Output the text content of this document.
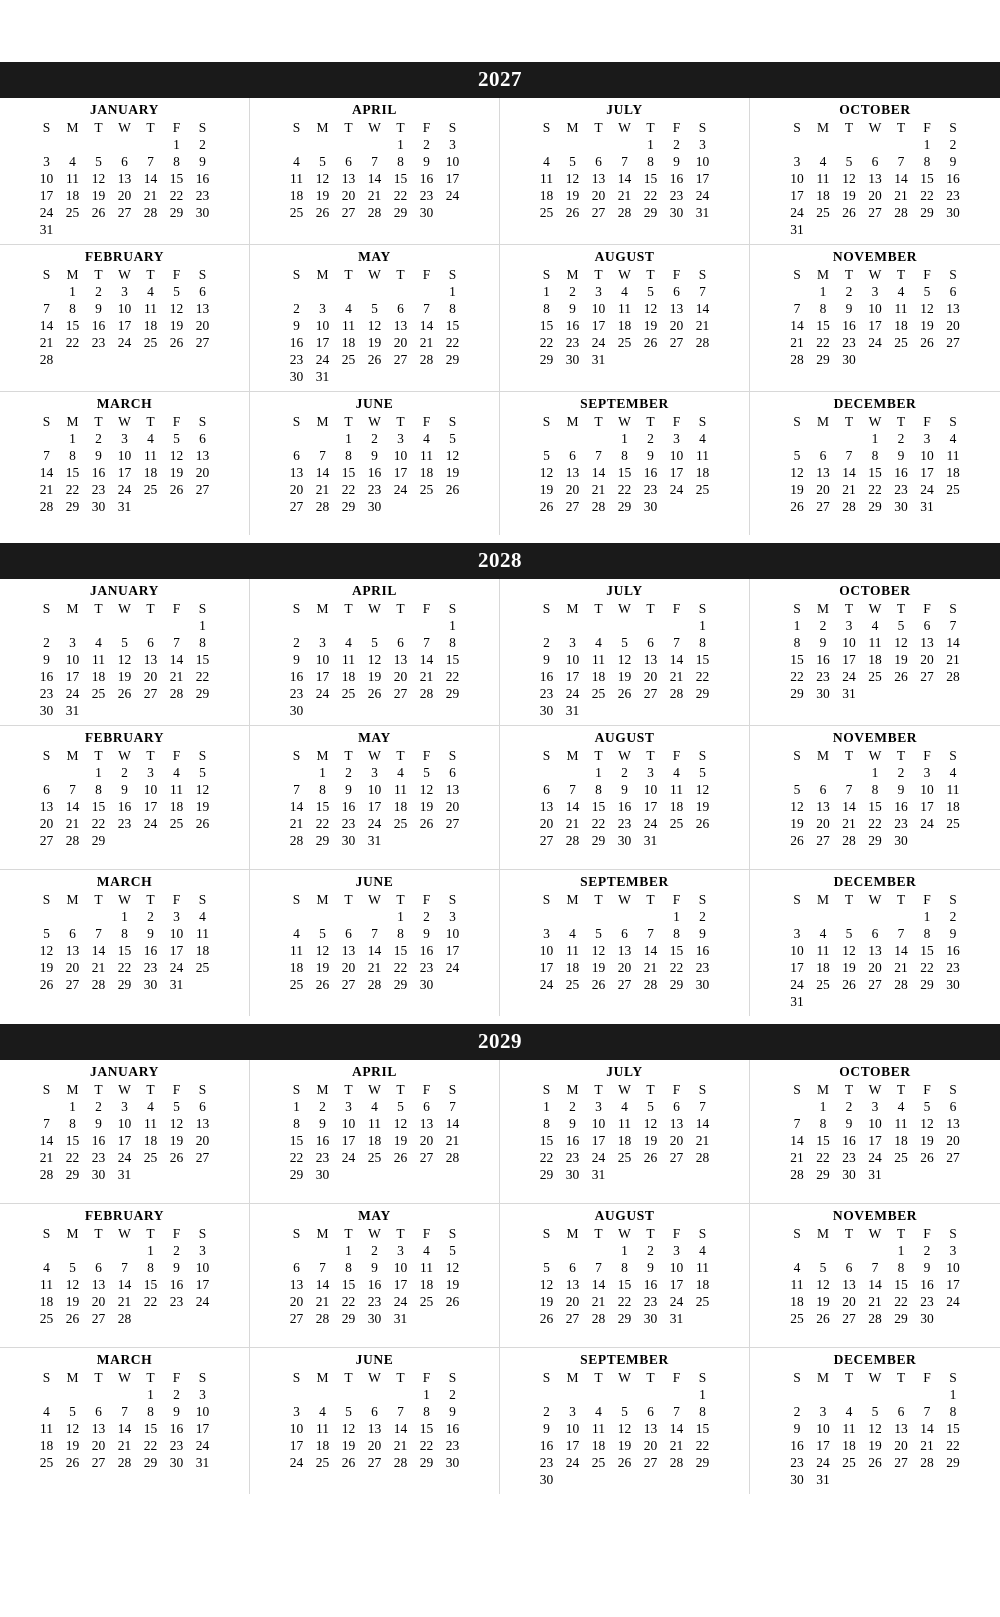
2027
JANUARY
S	M	T	W	T	F	S
					1	2
3	4	5	6	7	8	9
10	11	12	13	14	15	16
17	18	19	20	21	22	23
24	25	26	27	28	29	30
31						
APRIL
S	M	T	W	T	F	S
				1	2	3
4	5	6	7	8	9	10
11	12	13	14	15	16	17
18	19	20	21	22	23	24
25	26	27	28	29	30	
JULY
S	M	T	W	T	F	S
				1	2	3
4	5	6	7	8	9	10
11	12	13	14	15	16	17
18	19	20	21	22	23	24
25	26	27	28	29	30	31
OCTOBER
S	M	T	W	T	F	S
					1	2
3	4	5	6	7	8	9
10	11	12	13	14	15	16
17	18	19	20	21	22	23
24	25	26	27	28	29	30
31						
FEBRUARY
S	M	T	W	T	F	S
	1	2	3	4	5	6
7	8	9	10	11	12	13
14	15	16	17	18	19	20
21	22	23	24	25	26	27
28						
MAY
S	M	T	W	T	F	S
						1
2	3	4	5	6	7	8
9	10	11	12	13	14	15
16	17	18	19	20	21	22
23	24	25	26	27	28	29
30	31					
AUGUST
S	M	T	W	T	F	S
1	2	3	4	5	6	7
8	9	10	11	12	13	14
15	16	17	18	19	20	21
22	23	24	25	26	27	28
29	30	31				
NOVEMBER
S	M	T	W	T	F	S
	1	2	3	4	5	6
7	8	9	10	11	12	13
14	15	16	17	18	19	20
21	22	23	24	25	26	27
28	29	30				
MARCH
S	M	T	W	T	F	S
	1	2	3	4	5	6
7	8	9	10	11	12	13
14	15	16	17	18	19	20
21	22	23	24	25	26	27
28	29	30	31			
JUNE
S	M	T	W	T	F	S
		1	2	3	4	5
6	7	8	9	10	11	12
13	14	15	16	17	18	19
20	21	22	23	24	25	26
27	28	29	30			
SEPTEMBER
S	M	T	W	T	F	S
			1	2	3	4
5	6	7	8	9	10	11
12	13	14	15	16	17	18
19	20	21	22	23	24	25
26	27	28	29	30		
DECEMBER
S	M	T	W	T	F	S
			1	2	3	4
5	6	7	8	9	10	11
12	13	14	15	16	17	18
19	20	21	22	23	24	25
26	27	28	29	30	31	
2028
JANUARY
S	M	T	W	T	F	S
						1
2	3	4	5	6	7	8
9	10	11	12	13	14	15
16	17	18	19	20	21	22
23	24	25	26	27	28	29
30	31					
APRIL
S	M	T	W	T	F	S
						1
2	3	4	5	6	7	8
9	10	11	12	13	14	15
16	17	18	19	20	21	22
23	24	25	26	27	28	29
30						
JULY
S	M	T	W	T	F	S
						1
2	3	4	5	6	7	8
9	10	11	12	13	14	15
16	17	18	19	20	21	22
23	24	25	26	27	28	29
30	31					
OCTOBER
S	M	T	W	T	F	S
1	2	3	4	5	6	7
8	9	10	11	12	13	14
15	16	17	18	19	20	21
22	23	24	25	26	27	28
29	30	31				
FEBRUARY
S	M	T	W	T	F	S
		1	2	3	4	5
6	7	8	9	10	11	12
13	14	15	16	17	18	19
20	21	22	23	24	25	26
27	28	29				
MAY
S	M	T	W	T	F	S
	1	2	3	4	5	6
7	8	9	10	11	12	13
14	15	16	17	18	19	20
21	22	23	24	25	26	27
28	29	30	31			
AUGUST
S	M	T	W	T	F	S
		1	2	3	4	5
6	7	8	9	10	11	12
13	14	15	16	17	18	19
20	21	22	23	24	25	26
27	28	29	30	31		
NOVEMBER
S	M	T	W	T	F	S
			1	2	3	4
5	6	7	8	9	10	11
12	13	14	15	16	17	18
19	20	21	22	23	24	25
26	27	28	29	30		
MARCH
S	M	T	W	T	F	S
			1	2	3	4
5	6	7	8	9	10	11
12	13	14	15	16	17	18
19	20	21	22	23	24	25
26	27	28	29	30	31	
JUNE
S	M	T	W	T	F	S
				1	2	3
4	5	6	7	8	9	10
11	12	13	14	15	16	17
18	19	20	21	22	23	24
25	26	27	28	29	30	
SEPTEMBER
S	M	T	W	T	F	S
					1	2
3	4	5	6	7	8	9
10	11	12	13	14	15	16
17	18	19	20	21	22	23
24	25	26	27	28	29	30
DECEMBER
S	M	T	W	T	F	S
					1	2
3	4	5	6	7	8	9
10	11	12	13	14	15	16
17	18	19	20	21	22	23
24	25	26	27	28	29	30
31						
2029
JANUARY
S	M	T	W	T	F	S
	1	2	3	4	5	6
7	8	9	10	11	12	13
14	15	16	17	18	19	20
21	22	23	24	25	26	27
28	29	30	31			
APRIL
S	M	T	W	T	F	S
1	2	3	4	5	6	7
8	9	10	11	12	13	14
15	16	17	18	19	20	21
22	23	24	25	26	27	28
29	30					
JULY
S	M	T	W	T	F	S
1	2	3	4	5	6	7
8	9	10	11	12	13	14
15	16	17	18	19	20	21
22	23	24	25	26	27	28
29	30	31				
OCTOBER
S	M	T	W	T	F	S
	1	2	3	4	5	6
7	8	9	10	11	12	13
14	15	16	17	18	19	20
21	22	23	24	25	26	27
28	29	30	31			
FEBRUARY
S	M	T	W	T	F	S
				1	2	3
4	5	6	7	8	9	10
11	12	13	14	15	16	17
18	19	20	21	22	23	24
25	26	27	28			
MAY
S	M	T	W	T	F	S
		1	2	3	4	5
6	7	8	9	10	11	12
13	14	15	16	17	18	19
20	21	22	23	24	25	26
27	28	29	30	31		
AUGUST
S	M	T	W	T	F	S
			1	2	3	4
5	6	7	8	9	10	11
12	13	14	15	16	17	18
19	20	21	22	23	24	25
26	27	28	29	30	31	
NOVEMBER
S	M	T	W	T	F	S
				1	2	3
4	5	6	7	8	9	10
11	12	13	14	15	16	17
18	19	20	21	22	23	24
25	26	27	28	29	30	
MARCH
S	M	T	W	T	F	S
				1	2	3
4	5	6	7	8	9	10
11	12	13	14	15	16	17
18	19	20	21	22	23	24
25	26	27	28	29	30	31
JUNE
S	M	T	W	T	F	S
					1	2
3	4	5	6	7	8	9
10	11	12	13	14	15	16
17	18	19	20	21	22	23
24	25	26	27	28	29	30
SEPTEMBER
S	M	T	W	T	F	S
						1
2	3	4	5	6	7	8
9	10	11	12	13	14	15
16	17	18	19	20	21	22
23	24	25	26	27	28	29
30						
DECEMBER
S	M	T	W	T	F	S
						1
2	3	4	5	6	7	8
9	10	11	12	13	14	15
16	17	18	19	20	21	22
23	24	25	26	27	28	29
30	31					
